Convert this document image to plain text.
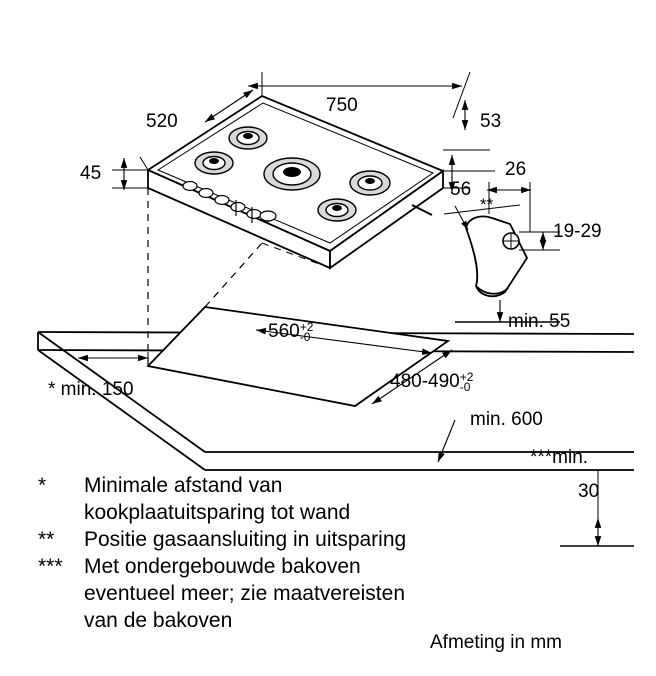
750
520	53
45
56
26
19-29
min. 55
**
560 +2
-0
480-490 +2
-0
* min. 150
min. 600
***min.
30
*	Minimale afstand van
kookplaatuitsparing tot wand
**	Positie gasaansluiting in uitsparing
***	Met ondergebouwde bakoven
eventueel meer; zie maatvereisten
van de bakoven
Afmeting in mm
